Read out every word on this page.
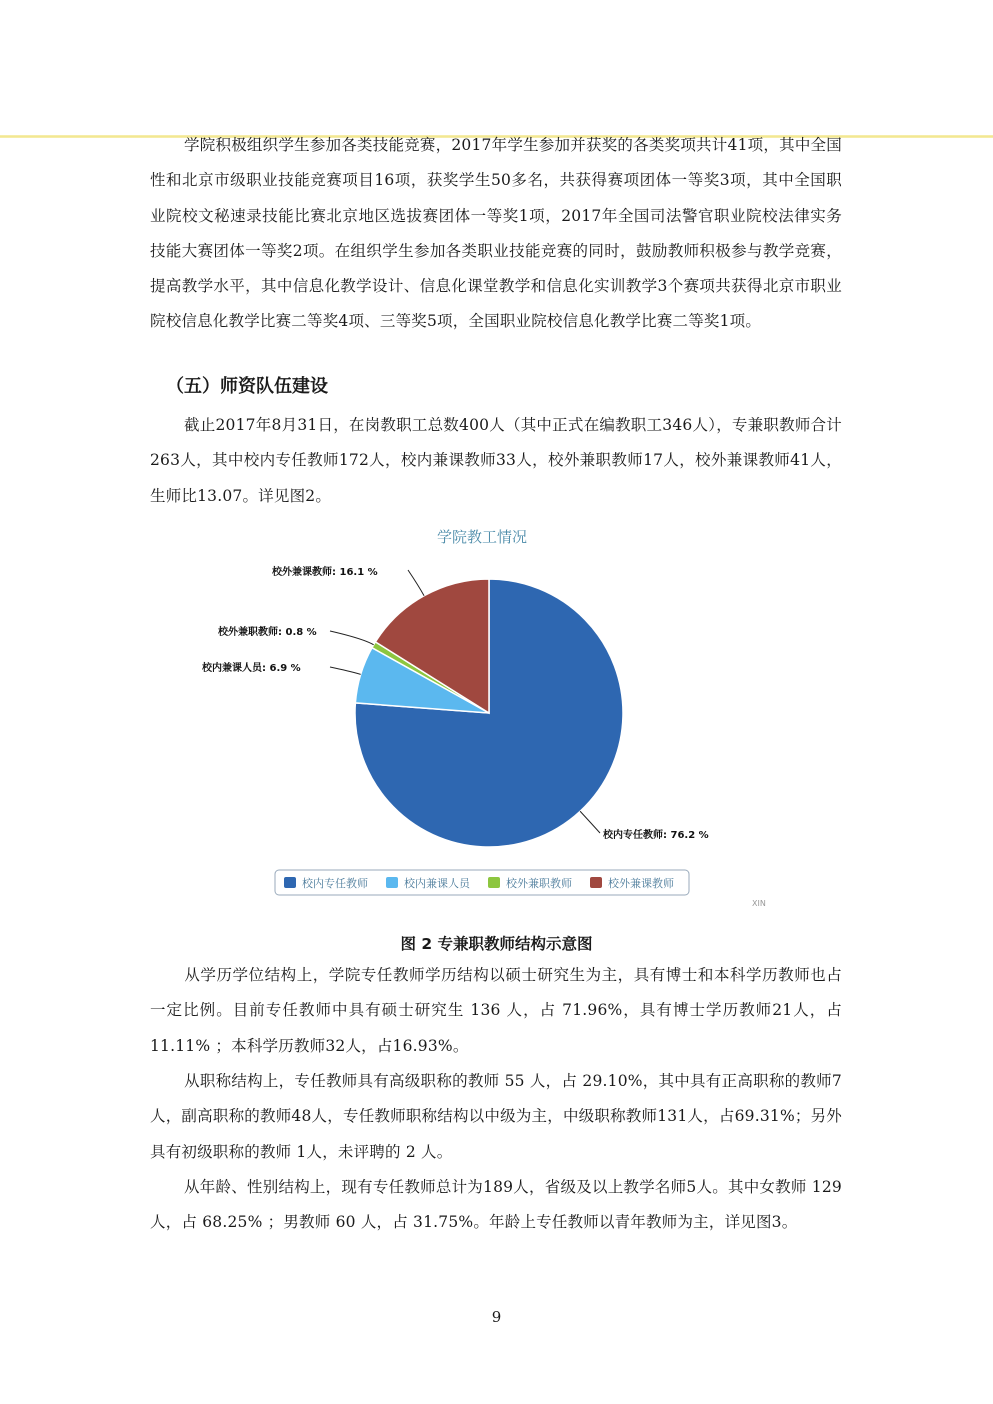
学院积极组织学生参加各类技能竞赛，2017年学生参加并获奖的各类奖项共计41项，其中全国性和北京市级职业技能竞赛项目16项，获奖学生50多名，共获得赛项团体一等奖3项，其中全国职业院校文秘速录技能比赛北京地区选拔赛团体一等奖1项，2017年全国司法警官职业院校法律实务技能大赛团体一等奖2项。在组织学生参加各类职业技能竞赛的同时，鼓励教师积极参与教学竞赛，提高教学水平，其中信息化教学设计、信息化课堂教学和信息化实训教学3个赛项共获得北京市职业院校信息化教学比赛二等奖4项、三等奖5项，全国职业院校信息化教学比赛二等奖1项。
（五）师资队伍建设
截止2017年8月31日，在岗教职工总数400人（其中正式在编教职工346人），专兼职教师合计263人，其中校内专任教师172人，校内兼课教师33人，校外兼职教师17人，校外兼课教师41人，生师比13.07。详见图2。
学院教工情况
校内专任教师: 76.2 %
校内兼课人员: 6.9 %
校外兼职教师: 0.8 %
校外兼课教师: 16.1 %
校内专任教师	校内兼课人员	校外兼职教师	校外兼课教师
XIN
图 2 专兼职教师结构示意图
从学历学位结构上，学院专任教师学历结构以硕士研究生为主，具有博士和本科学历教师也占一定比例。目前专任教师中具有硕士研究生 136 人，占 71.96%，具有博士学历教师21人，占 11.11% ；本科学历教师32人，占16.93%。
从职称结构上，专任教师具有高级职称的教师 55 人，占 29.10%，其中具有正高职称的教师7人，副高职称的教师48人，专任教师职称结构以中级为主，中级职称教师131人，占69.31%；另外具有初级职称的教师 1人，未评聘的 2 人。
从年龄、性别结构上，现有专任教师总计为189人，省级及以上教学名师5人。其中女教师 129 人，占 68.25% ；男教师 60 人，占 31.75%。年龄上专任教师以青年教师为主，详见图3。
9
